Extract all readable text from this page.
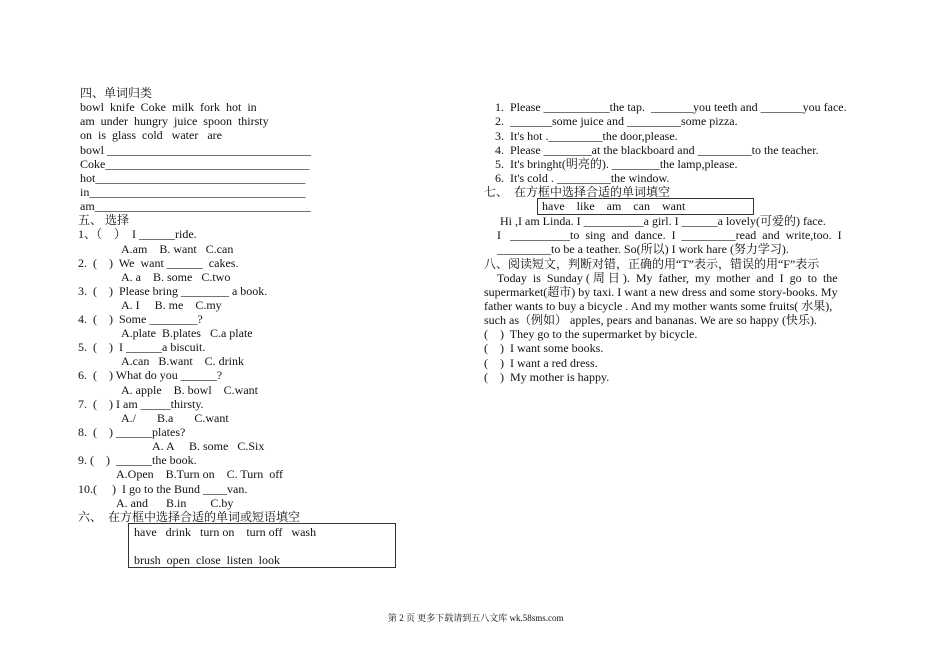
四、单词归类
bowl  knife  Coke  milk  fork  hot  in
am  under  hungry  juice  spoon  thirsty
on  is  glass  cold   water   are
bowl __________________________________
Coke__________________________________
hot___________________________________
in____________________________________
am____________________________________
五、 选择
1、（    ）  I ______ride.
A.am    B. want   C.can
2.  (    )  We  want ______  cakes.
A. a    B. some   C.two
3.  (    )  Please bring ________ a book.
A. I     B. me    C.my
4.  (    )  Some ________?
A.plate  B.plates   C.a plate
5.  (    )  I ______a biscuit.
A.can   B.want    C. drink
6.  (    ) What do you ______?
A. apple    B. bowl    C.want
7.  (    ) I am _____thirsty.
A./       B.a       C.want
8.  (    ) ______plates?
A. A     B. some   C.Six
9. (    )  ______the book.
A.Open    B.Turn on    C. Turn  off
10.(     )  I go to the Bund ____van.
A. and      B.in        C.by
六、  在方框中选择合适的单词或短语填空
have   drink   turn on    turn off   wash
brush  open  close  listen  look
1.  Please ___________the tap.  _______you teeth and _______you face.
2.  _______some juice and _________some pizza.
3.  It's hot ._________the door,please.
4.  Please ________at the blackboard and _________to the teacher.
5.  It's bringht(明亮的). ________the lamp,please.
6.  It's cold . _________the window.
七、  在方框中选择合适的单词填空
have    like    am    can    want
Hi ,I am Linda. I __________a girl. I ______a lovely(可爱的) face.
I   __________to  sing  and  dance.  I  _________read  and  write,too.  I
_________to be a teather. So(所以) I work hare (努力学习).
八、阅读短文，判断对错，正确的用“T”表示，错误的用“F”表示
Today  is  Sunday ( 周 日 ).  My  father,  my  mother  and  I  go  to  the
supermarket(超市) by taxi. I want a new dress and some story-books. My
father wants to buy a bicycle . And my mother wants some fruits( 水果),
such as（例如） apples, pears and bananas. We are so happy (快乐).
(    )  They go to the supermarket by bicycle.
(    )  I want some books.
(    )  I want a red dress.
(    )  My mother is happy.
第 2 页 更多下载请到五八文库 wk.58sms.com
